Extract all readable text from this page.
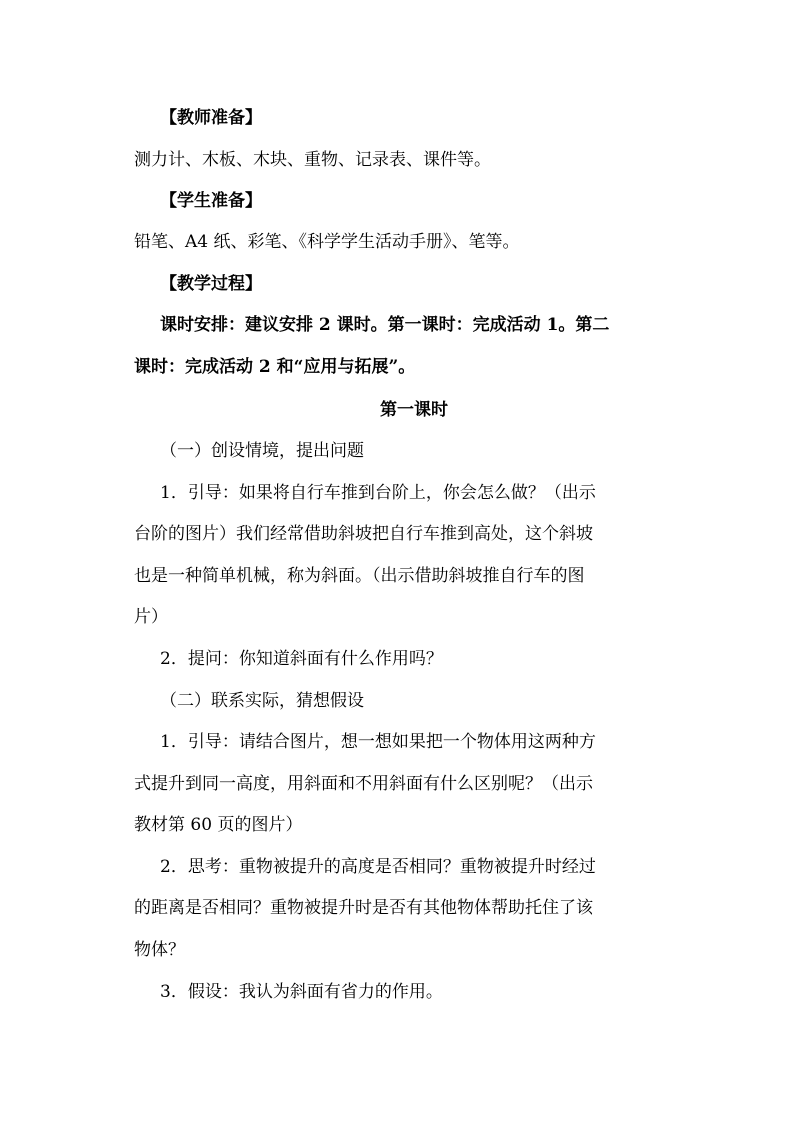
【教师准备】
测力计、木板、木块、重物、记录表、课件等。
【学生准备】
铅笔、A4 纸、彩笔、《科学学生活动手册》、笔等。
【教学过程】
课时安排：建议安排 2 课时。第一课时：完成活动 1。第二
课时：完成活动 2 和“应用与拓展”。
第一课时
（一）创设情境，提出问题
1．引导：如果将自行车推到台阶上，你会怎么做？（出示
台阶的图片）我们经常借助斜坡把自行车推到高处，这个斜坡
也是一种简单机械，称为斜面。（出示借助斜坡推自行车的图
片）
2．提问：你知道斜面有什么作用吗？
（二）联系实际，猜想假设
1．引导：请结合图片，想一想如果把一个物体用这两种方
式提升到同一高度，用斜面和不用斜面有什么区别呢？（出示
教材第 60 页的图片）
2．思考：重物被提升的高度是否相同？重物被提升时经过
的距离是否相同？重物被提升时是否有其他物体帮助托住了该
物体？
3．假设：我认为斜面有省力的作用。
